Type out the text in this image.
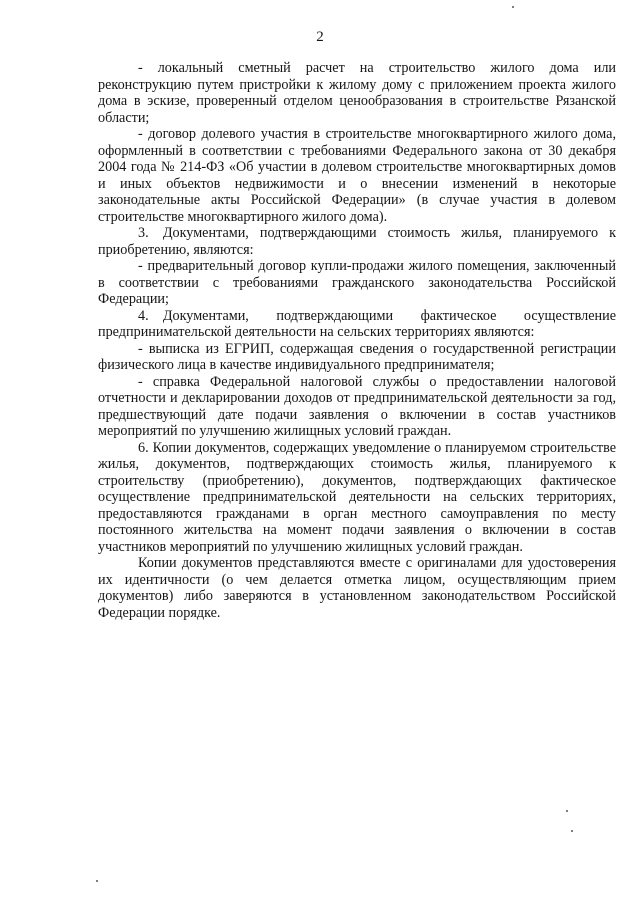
2

- локальный сметный расчет на строительство жилого дома или реконструкцию путем пристройки к жилому дому с приложением проекта жилого дома в эскизе, проверенный отделом ценообразования в строительстве Рязанской области;

- договор долевого участия в строительстве многоквартирного жилого дома, оформленный в соответствии с требованиями Федерального закона от 30 декабря 2004 года № 214-ФЗ «Об участии в долевом строительстве многоквартирных домов и иных объектов недвижимости и о внесении изменений в некоторые законодательные акты Российской Федерации» (в случае участия в долевом строительстве многоквартирного жилого дома).

3. Документами, подтверждающими стоимость жилья, планируемого к приобретению, являются:

- предварительный договор купли-продажи жилого помещения, заключенный в соответствии с требованиями гражданского законодательства Российской Федерации;

4. Документами, подтверждающими фактическое осуществление предпринимательской деятельности на сельских территориях являются:

- выписка из ЕГРИП, содержащая сведения о государственной регистрации физического лица в качестве индивидуального предпринимателя;

- справка Федеральной налоговой службы о предоставлении налоговой отчетности и декларировании доходов от предпринимательской деятельности за год, предшествующий дате подачи заявления о включении в состав участников мероприятий по улучшению жилищных условий граждан.

6. Копии документов, содержащих уведомление о планируемом строительстве жилья, документов, подтверждающих стоимость жилья, планируемого к строительству (приобретению), документов, подтверждающих фактическое осуществление предпринимательской деятельности на сельских территориях, предоставляются гражданами в орган местного самоуправления по месту постоянного жительства на момент подачи заявления о включении в состав участников мероприятий по улучшению жилищных условий граждан.

Копии документов представляются вместе с оригиналами для удостоверения их идентичности (о чем делается отметка лицом, осуществляющим прием документов) либо заверяются в установленном законодательством Российской Федерации порядке.
